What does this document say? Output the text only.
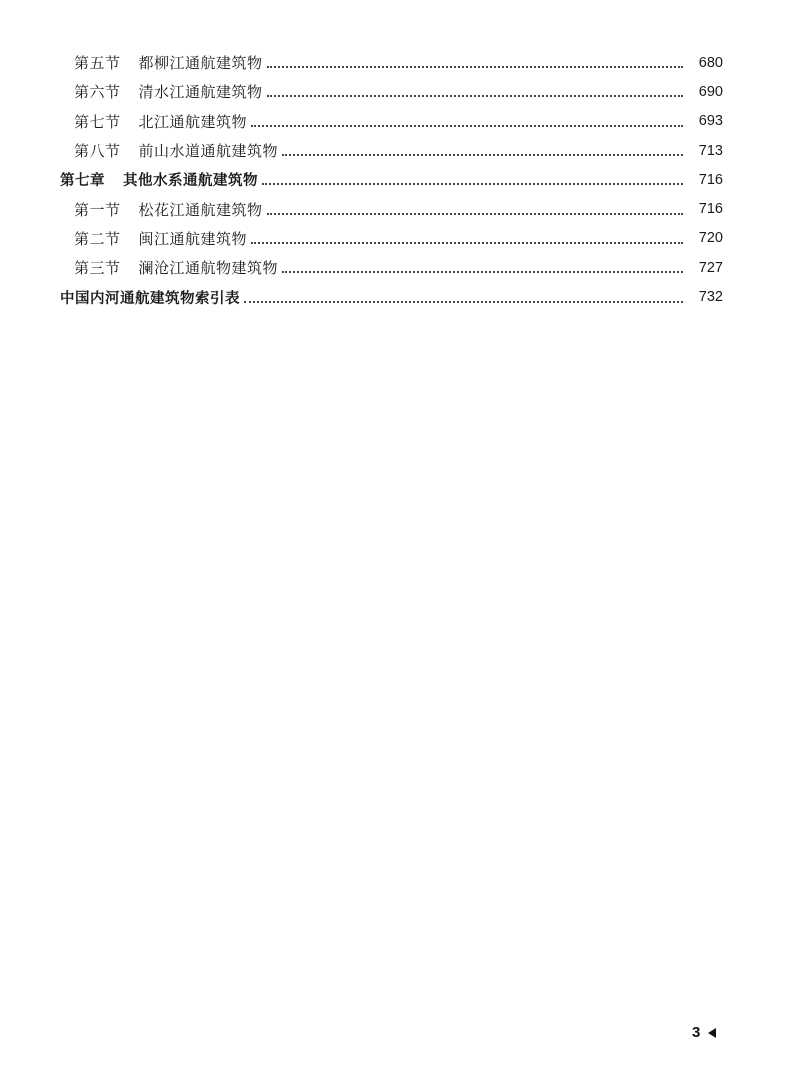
第五节 都柳江通航建筑物	680
第六节 清水江通航建筑物	690
第七节 北江通航建筑物	693
第八节 前山水道通航建筑物	713
第七章 其他水系通航建筑物	716
第一节 松花江通航建筑物	716
第二节 闽江通航建筑物	720
第三节 澜沧江通航物建筑物	727
中国内河通航建筑物索引表	732
3
